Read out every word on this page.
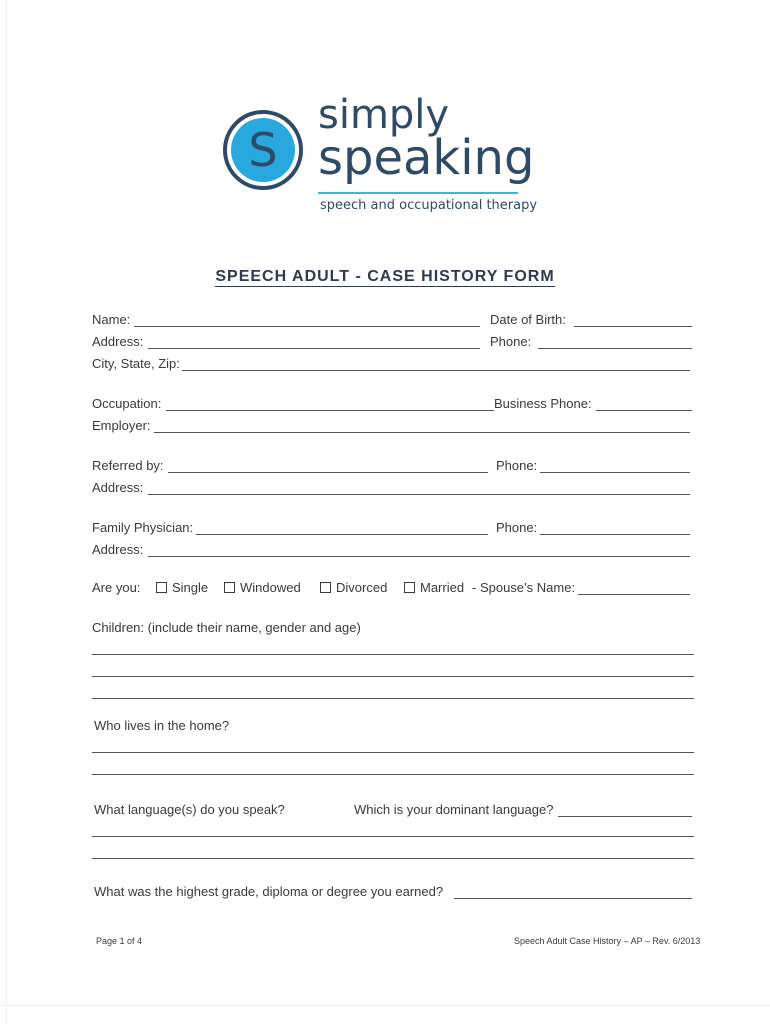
S
simply
speaking
speech and occupational therapy
SPEECH ADULT - CASE HISTORY FORM
Name:	Date of Birth:
Address:	Phone:
City, State, Zip:
Occupation:	Business Phone:
Employer:
Referred by:	Phone:
Address:
Family Physician:	Phone:
Address:
Are you:	Single	Windowed	Divorced	Married - Spouse’s Name:
Children: (include their name, gender and age)
Who lives in the home?
What language(s) do you speak?	Which is your dominant language?
What was the highest grade, diploma or degree you earned?
Page 1 of 4	Speech Adult Case History – AP – Rev. 6/2013
